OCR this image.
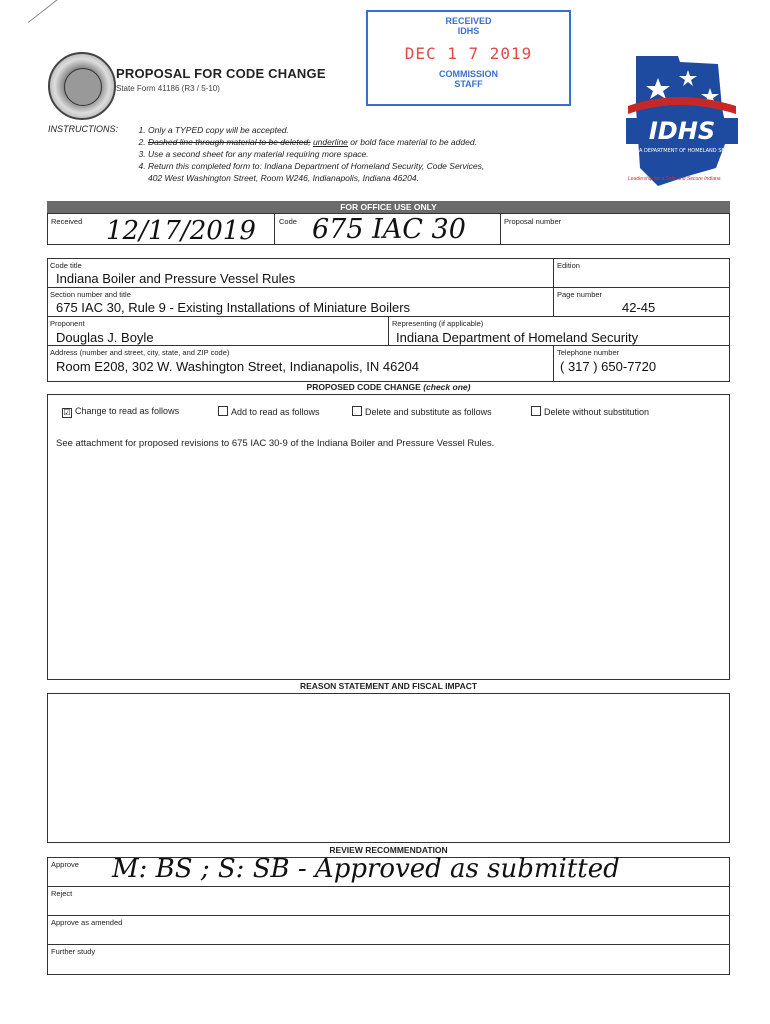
PROPOSAL FOR CODE CHANGE
State Form 41186 (R3 / 5-10)
RECEIVED
IDHS
DEC 1 7 2019
COMMISSION
STAFF
IDHS
INDIANA DEPARTMENT OF HOMELAND SECURITY
Leadership for a Safe and Secure Indiana
INSTRUCTIONS:
1.	Only a TYPED copy will be accepted.
2. Dashed line through material to be deleted; underline or bold face material to be added.
3. Use a second sheet for any material requiring more space.
4. Return this completed form to: Indiana Department of Homeland Security, Code Services,
402 West Washington Street, Room W246, Indianapolis, Indiana 46204.
FOR OFFICE USE ONLY
Received 12/17/2019	Code 675 IAC 30	Proposal number
Code title
Indiana Boiler and Pressure Vessel Rules
Edition
Section number and title
675 IAC 30, Rule 9 - Existing Installations of Miniature Boilers
Page number
42-45
Proponent
Douglas J. Boyle
Representing (if applicable)
Indiana Department of Homeland Security
Address (number and street, city, state, and ZIP code)
Room E208, 302 W. Washington Street, Indianapolis, IN 46204
Telephone number
( 317 ) 650-7720
PROPOSED CODE CHANGE (check one)
☑ Change to read as follows	Add to read as follows	Delete and substitute as follows	Delete without substitution
See attachment for proposed revisions to 675 IAC 30-9 of the Indiana Boiler and Pressure Vessel Rules.
REASON STATEMENT AND FISCAL IMPACT
REVIEW RECOMMENDATION
Approve M: BS ; S: SB - Approved as submitted
Reject
Approve as amended
Further study
